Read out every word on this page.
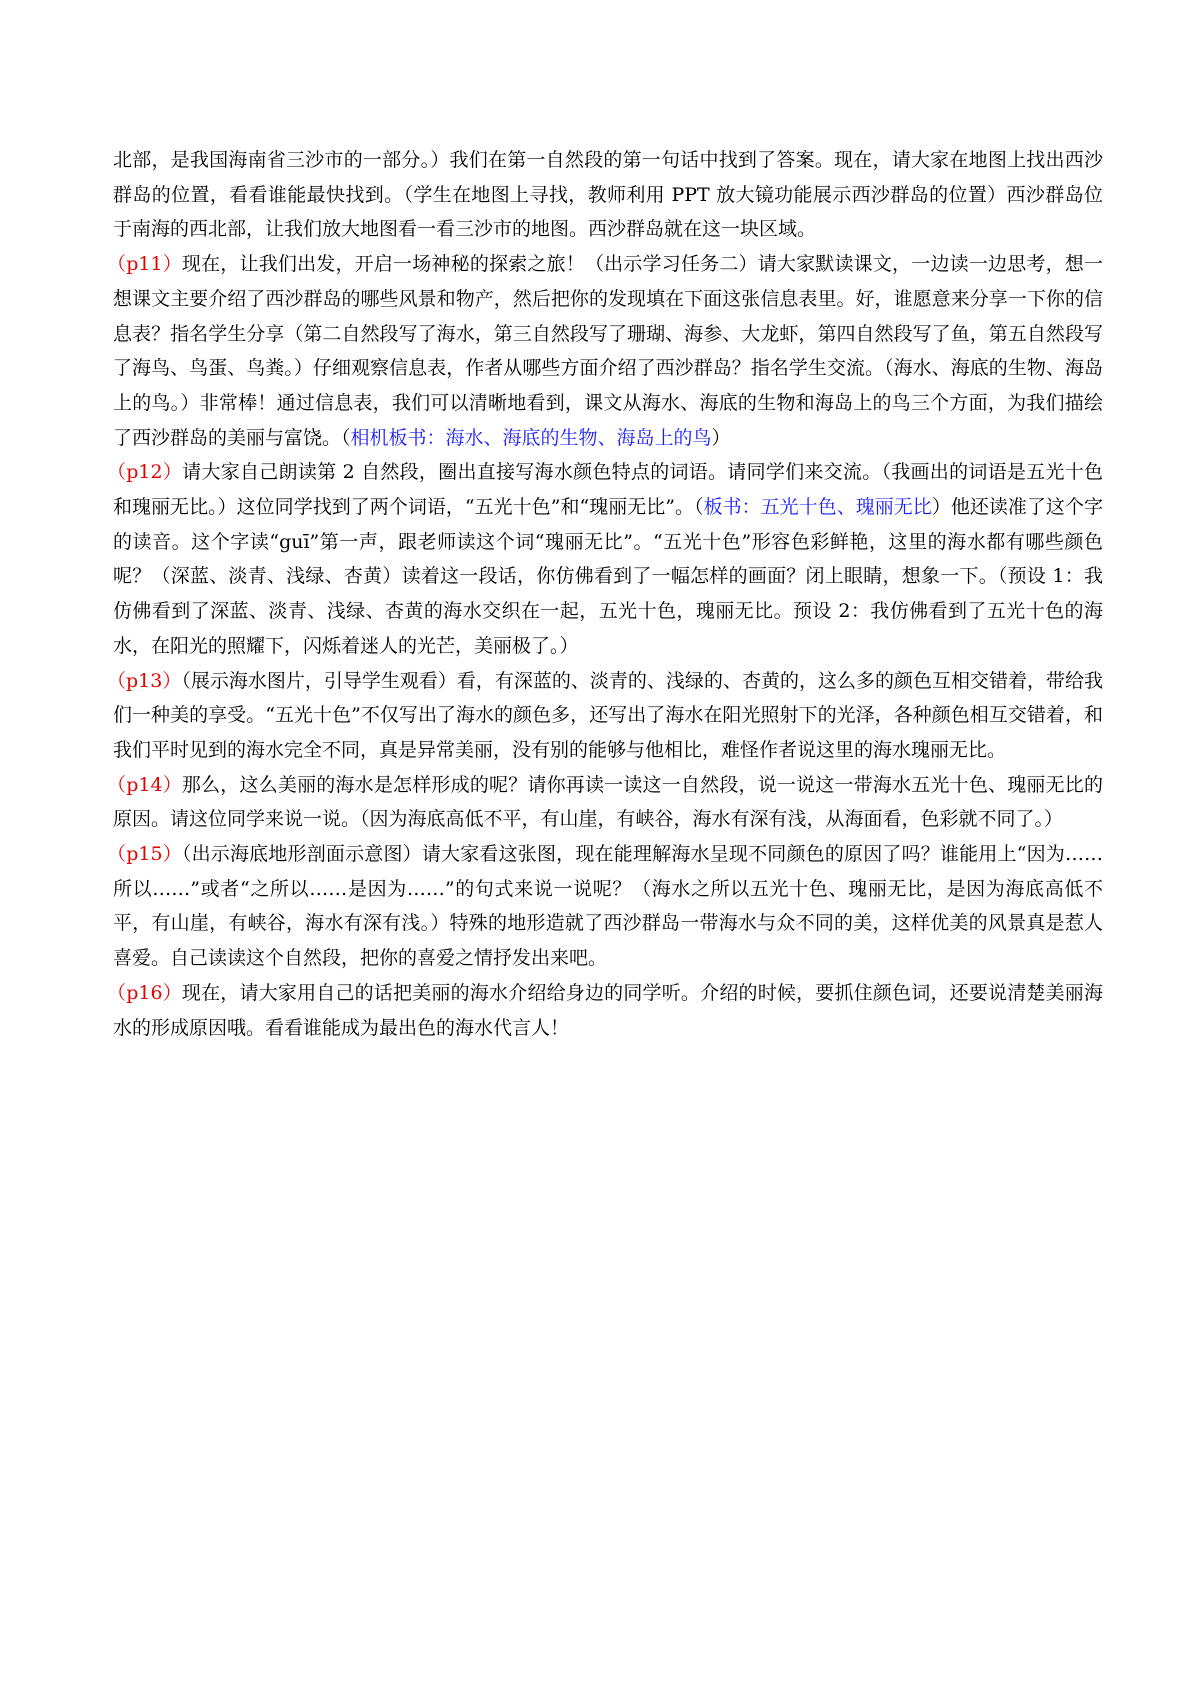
北部，是我国海南省三沙市的一部分。）我们在第一自然段的第一句话中找到了答案。现在，请大家在地图上找出西沙群岛的位置，看看谁能最快找到。（学生在地图上寻找，教师利用 PPT 放大镜功能展示西沙群岛的位置）西沙群岛位于南海的西北部，让我们放大地图看一看三沙市的地图。西沙群岛就在这一块区域。

（p11）现在，让我们出发，开启一场神秘的探索之旅！（出示学习任务二）请大家默读课文，一边读一边思考，想一想课文主要介绍了西沙群岛的哪些风景和物产，然后把你的发现填在下面这张信息表里。好，谁愿意来分享一下你的信息表？指名学生分享（第二自然段写了海水，第三自然段写了珊瑚、海参、大龙虾，第四自然段写了鱼，第五自然段写了海鸟、鸟蛋、鸟粪。）仔细观察信息表，作者从哪些方面介绍了西沙群岛？指名学生交流。（海水、海底的生物、海岛上的鸟。）非常棒！通过信息表，我们可以清晰地看到，课文从海水、海底的生物和海岛上的鸟三个方面，为我们描绘了西沙群岛的美丽与富饶。（相机板书：海水、海底的生物、海岛上的鸟）

（p12）请大家自己朗读第 2 自然段，圈出直接写海水颜色特点的词语。请同学们来交流。（我画出的词语是五光十色和瑰丽无比。）这位同学找到了两个词语，“五光十色”和“瑰丽无比”。（板书：五光十色、瑰丽无比）他还读准了这个字的读音。这个字读“guī”第一声，跟老师读这个词“瑰丽无比”。“五光十色”形容色彩鲜艳，这里的海水都有哪些颜色呢？（深蓝、淡青、浅绿、杏黄）读着这一段话，你仿佛看到了一幅怎样的画面？闭上眼睛，想象一下。（预设 1：我仿佛看到了深蓝、淡青、浅绿、杏黄的海水交织在一起，五光十色，瑰丽无比。预设 2：我仿佛看到了五光十色的海水，在阳光的照耀下，闪烁着迷人的光芒，美丽极了。）

（p13）（展示海水图片，引导学生观看）看，有深蓝的、淡青的、浅绿的、杏黄的，这么多的颜色互相交错着，带给我们一种美的享受。“五光十色”不仅写出了海水的颜色多，还写出了海水在阳光照射下的光泽，各种颜色相互交错着，和我们平时见到的海水完全不同，真是异常美丽，没有别的能够与他相比，难怪作者说这里的海水瑰丽无比。

（p14）那么，这么美丽的海水是怎样形成的呢？请你再读一读这一自然段，说一说这一带海水五光十色、瑰丽无比的原因。请这位同学来说一说。（因为海底高低不平，有山崖，有峡谷，海水有深有浅，从海面看，色彩就不同了。）

（p15）（出示海底地形剖面示意图）请大家看这张图，现在能理解海水呈现不同颜色的原因了吗？谁能用上“因为……所以……”或者“之所以……是因为……”的句式来说一说呢？（海水之所以五光十色、瑰丽无比，是因为海底高低不平，有山崖，有峡谷，海水有深有浅。）特殊的地形造就了西沙群岛一带海水与众不同的美，这样优美的风景真是惹人喜爱。自己读读这个自然段，把你的喜爱之情抒发出来吧。

（p16）现在，请大家用自己的话把美丽的海水介绍给身边的同学听。介绍的时候，要抓住颜色词，还要说清楚美丽海水的形成原因哦。看看谁能成为最出色的海水代言人！
